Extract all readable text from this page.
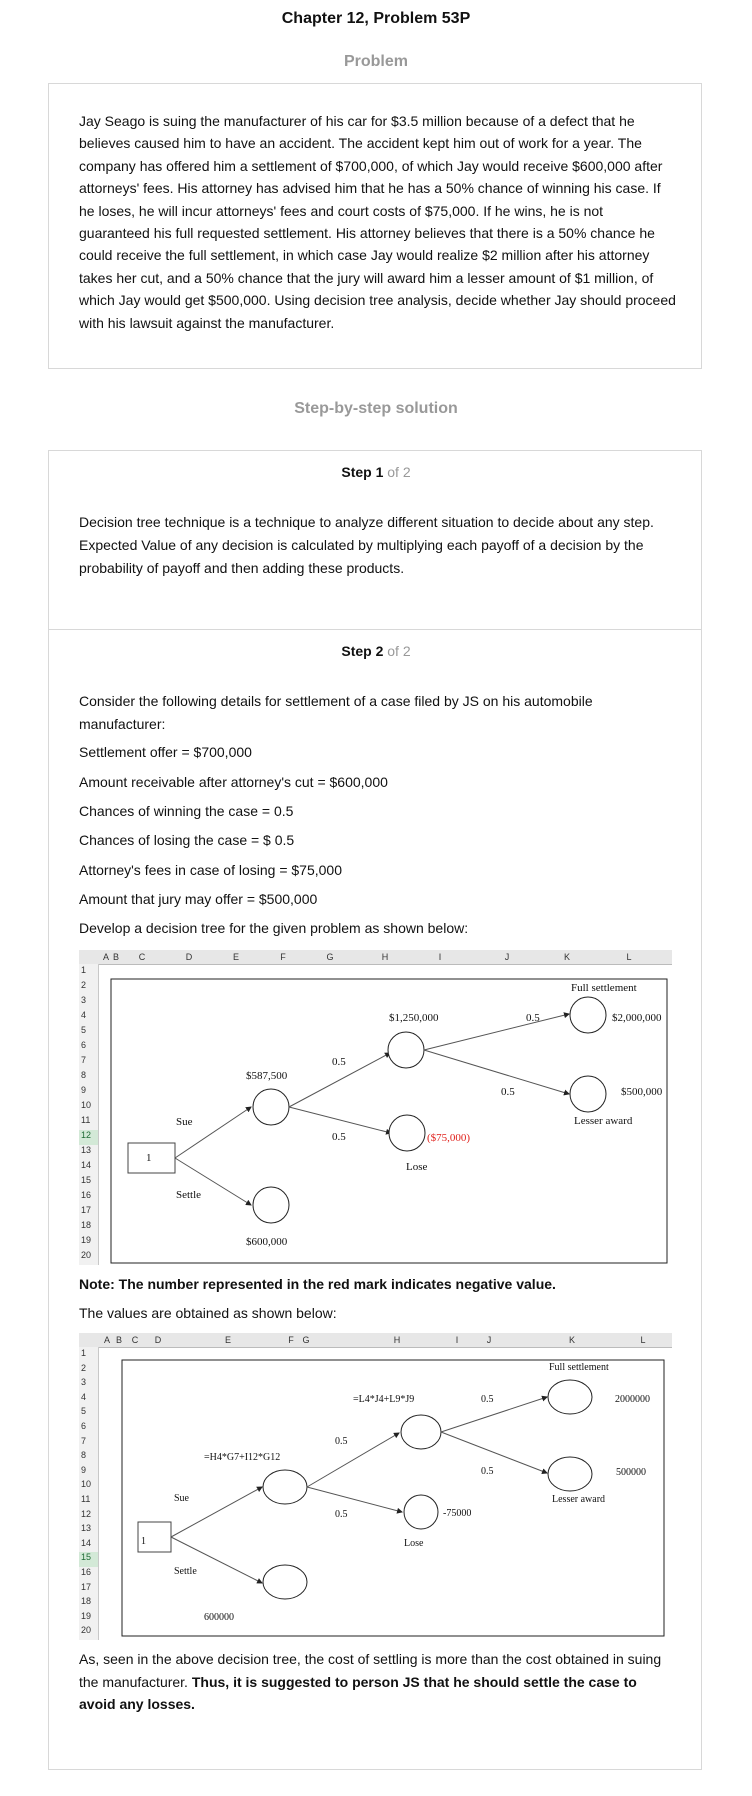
Chapter 12, Problem 53P
Problem

Jay Seago is suing the manufacturer of his car for $3.5 million because of a defect that he believes caused him to have an accident. The accident kept him out of work for a year. The company has offered him a settlement of $700,000, of which Jay would receive $600,000 after attorneys' fees. His attorney has advised him that he has a 50% chance of winning his case. If he loses, he will incur attorneys' fees and court costs of $75,000. If he wins, he is not guaranteed his full requested settlement. His attorney believes that there is a 50% chance he could receive the full settlement, in which case Jay would realize $2 million after his attorney takes her cut, and a 50% chance that the jury will award him a lesser amount of $1 million, of which Jay would get $500,000. Using decision tree analysis, decide whether Jay should proceed with his lawsuit against the manufacturer.

Step-by-step solution
Step 1 of 2

Decision tree technique is a technique to analyze different situation to decide about any step. Expected Value of any decision is calculated by multiplying each payoff of a decision by the probability of payoff and then adding these products.

Step 2 of 2

Consider the following details for settlement of a case filed by JS on his automobile manufacturer:

Settlement offer = $700,000
Amount receivable after attorney's cut = $600,000
Chances of winning the case = 0.5
Chances of losing the case = $ 0.5
Attorney's fees in case of losing = $75,000
Amount that jury may offer = $500,000
Develop a decision tree for the given problem as shown below:
1
Sue
Settle
$587,500
$600,000
0.5
0.5
$1,250,000
($75,000)
Lose
0.5
0.5
Full settlement
$2,000,000
$500,000
Lesser award
A B	C	D	E	F	G	H	I	J	K	L
1
2
3
4
5
6
7
8
9
10
11
12
13
14
15
16
17
18
19
20
Note: The number represented in the red mark indicates negative value.
The values are obtained as shown below:
1
Sue
Settle
=H4*G7+I12*G12
600000
0.5
0.5
=L4*J4+L9*J9
-75000
Lose
0.5
0.5
Full settlement
2000000
500000
Lesser award
A B	C	D	E	F G	H	I	J	K	L
1
2
3
4
5
6
7
8
9
10
11
12
13
14
15
16
17
18
19
20

As, seen in the above decision tree, the cost of settling is more than the cost obtained in suing the manufacturer. Thus, it is suggested to person JS that he should settle the case to avoid any losses.
